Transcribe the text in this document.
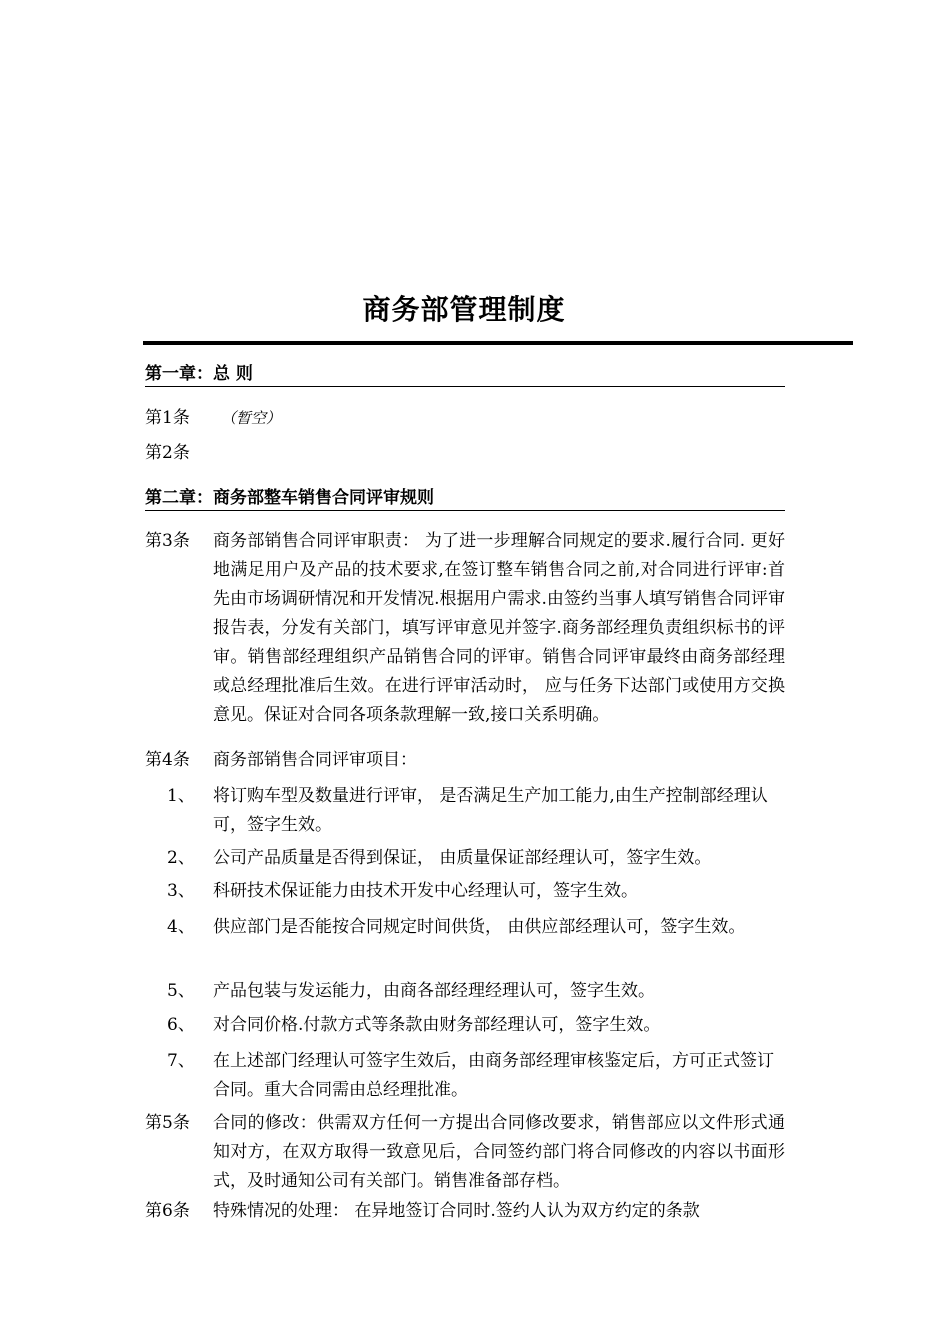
商务部管理制度
第一章：总 则
第1条	（暂空）
第2条
第二章：商务部整车销售合同评审规则
第3条 商务部销售合同评审职责： 为了进一步理解合同规定的要求.履行合同. 更好地满足用户及产品的技术要求,在签订整车销售合同之前,对合同进行评审:首先由市场调研情况和开发情况.根据用户需求.由签约当事人填写销售合同评审报告表，分发有关部门，填写评审意见并签字.商务部经理负责组织标书的评审。销售部经理组织产品销售合同的评审。销售合同评审最终由商务部经理或总经理批准后生效。在进行评审活动时， 应与任务下达部门或使用方交换意见。保证对合同各项条款理解一致,接口关系明确。
第4条 商务部销售合同评审项目：
1、 将订购车型及数量进行评审， 是否满足生产加工能力,由生产控制部经理认可，签字生效。
2、 公司产品质量是否得到保证， 由质量保证部经理认可，签字生效。
3、 科研技术保证能力由技术开发中心经理认可，签字生效。
4、 供应部门是否能按合同规定时间供货， 由供应部经理认可，签字生效。
5、 产品包装与发运能力，由商各部经理经理认可，签字生效。
6、 对合同价格.付款方式等条款由财务部经理认可，签字生效。
7、 在上述部门经理认可签字生效后，由商务部经理审核鉴定后，方可正式签订合同。重大合同需由总经理批准。
第5条 合同的修改：供需双方任何一方提出合同修改要求，销售部应以文件形式通知对方，在双方取得一致意见后，合同签约部门将合同修改的内容以书面形式，及时通知公司有关部门。销售准备部存档。
第6条 特殊情况的处理： 在异地签订合同时.签约人认为双方约定的条款
